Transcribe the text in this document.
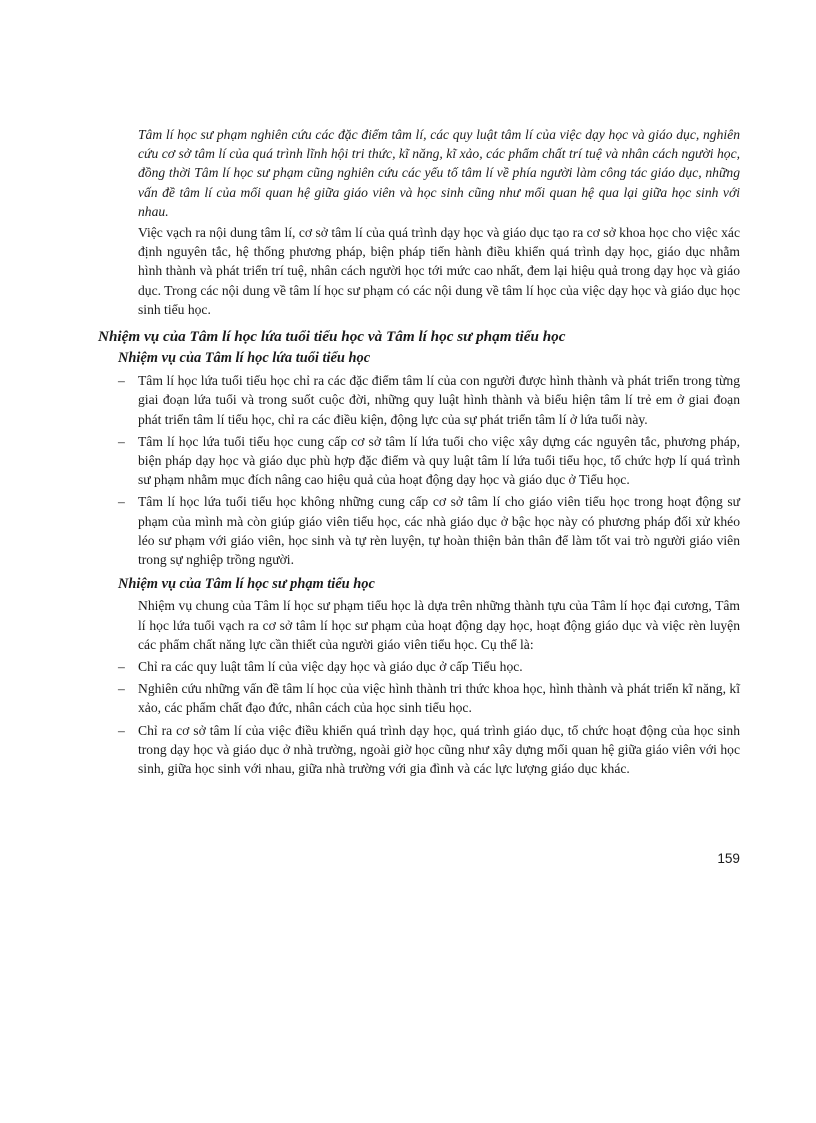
Tâm lí học sư phạm nghiên cứu các đặc điểm tâm lí, các quy luật tâm lí của việc dạy học và giáo dục, nghiên cứu cơ sở tâm lí của quá trình lĩnh hội tri thức, kĩ năng, kĩ xảo, các phẩm chất trí tuệ và nhân cách người học, đồng thời Tâm lí học sư phạm cũng nghiên cứu các yếu tố tâm lí về phía người làm công tác giáo dục, những vấn đề tâm lí của mối quan hệ giữa giáo viên và học sinh cũng như mối quan hệ qua lại giữa học sinh với nhau.

Việc vạch ra nội dung tâm lí, cơ sở tâm lí của quá trình dạy học và giáo dục tạo ra cơ sở khoa học cho việc xác định nguyên tắc, hệ thống phương pháp, biện pháp tiến hành điều khiển quá trình dạy học, giáo dục nhằm hình thành và phát triển trí tuệ, nhân cách người học tới mức cao nhất, đem lại hiệu quả trong dạy học và giáo dục. Trong các nội dung về tâm lí học sư phạm có các nội dung về tâm lí học của việc dạy học và giáo dục học sinh tiểu học.

Nhiệm vụ của Tâm lí học lứa tuổi tiểu học và Tâm lí học sư phạm tiểu học
Nhiệm vụ của Tâm lí học lứa tuổi tiểu học
– Tâm lí học lứa tuổi tiểu học chỉ ra các đặc điểm tâm lí của con người được hình thành và phát triển trong từng giai đoạn lứa tuổi và trong suốt cuộc đời, những quy luật hình thành và biểu hiện tâm lí trẻ em ở giai đoạn phát triển tâm lí tiểu học, chỉ ra các điều kiện, động lực của sự phát triển tâm lí ở lứa tuổi này.
– Tâm lí học lứa tuổi tiểu học cung cấp cơ sở tâm lí lứa tuổi cho việc xây dựng các nguyên tắc, phương pháp, biện pháp dạy học và giáo dục phù hợp đặc điểm và quy luật tâm lí lứa tuổi tiểu học, tổ chức hợp lí quá trình sư phạm nhằm mục đích nâng cao hiệu quả của hoạt động dạy học và giáo dục ở Tiểu học.
– Tâm lí học lứa tuổi tiểu học không những cung cấp cơ sở tâm lí cho giáo viên tiểu học trong hoạt động sư phạm của mình mà còn giúp giáo viên tiểu học, các nhà giáo dục ở bậc học này có phương pháp đối xử khéo léo sư phạm với giáo viên, học sinh và tự rèn luyện, tự hoàn thiện bản thân để làm tốt vai trò người giáo viên trong sự nghiệp trồng người.
Nhiệm vụ của Tâm lí học sư phạm tiểu học

Nhiệm vụ chung của Tâm lí học sư phạm tiểu học là dựa trên những thành tựu của Tâm lí học đại cương, Tâm lí học lứa tuổi vạch ra cơ sở tâm lí học sư phạm của hoạt động dạy học, hoạt động giáo dục và việc rèn luyện các phẩm chất năng lực cần thiết của người giáo viên tiểu học. Cụ thể là:

– Chỉ ra các quy luật tâm lí của việc dạy học và giáo dục ở cấp Tiểu học.
– Nghiên cứu những vấn đề tâm lí học của việc hình thành tri thức khoa học, hình thành và phát triển kĩ năng, kĩ xảo, các phẩm chất đạo đức, nhân cách của học sinh tiểu học.
– Chỉ ra cơ sở tâm lí của việc điều khiển quá trình dạy học, quá trình giáo dục, tổ chức hoạt động của học sinh trong dạy học và giáo dục ở nhà trường, ngoài giờ học cũng như xây dựng mối quan hệ giữa giáo viên với học sinh, giữa học sinh với nhau, giữa nhà trường với gia đình và các lực lượng giáo dục khác.
159
